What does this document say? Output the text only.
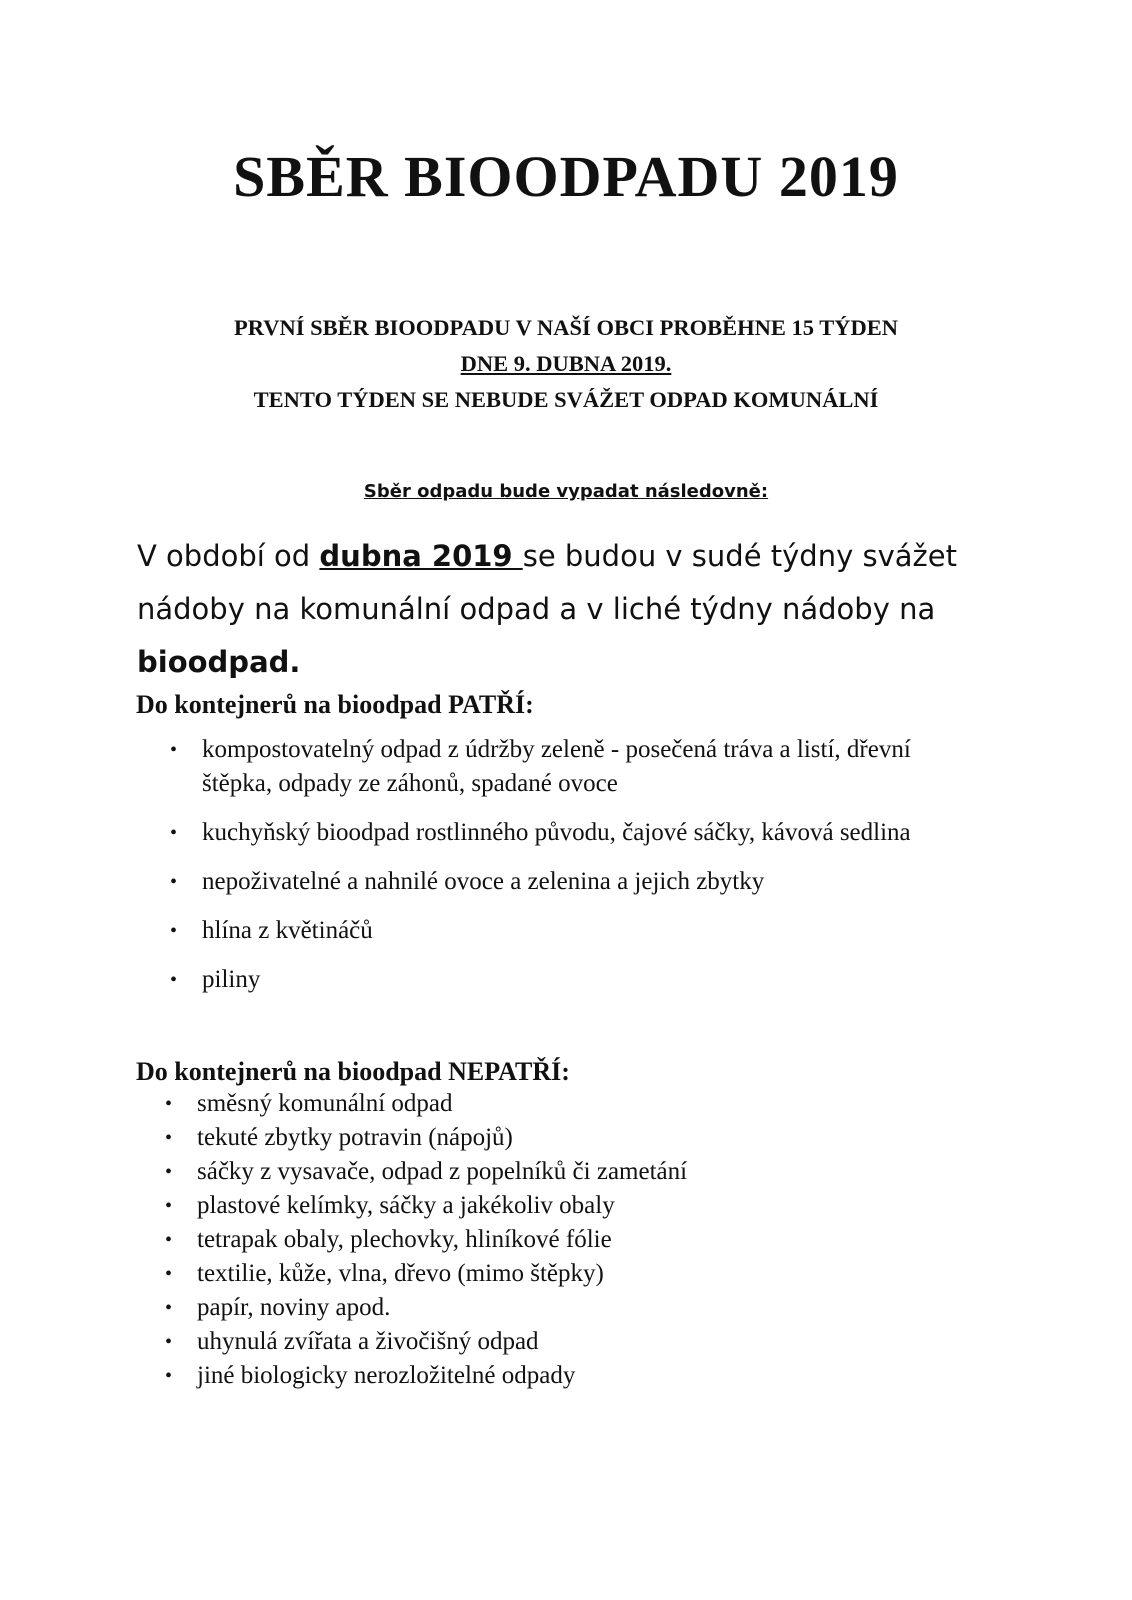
SBĚR BIOODPADU 2019
PRVNÍ SBĚR BIOODPADU V NAŠÍ OBCI PROBĚHNE 15 TÝDEN
DNE 9. DUBNA 2019.
TENTO TÝDEN SE NEBUDE SVÁŽET ODPAD KOMUNÁLNÍ
Sběr odpadu bude vypadat následovně:
V období od dubna 2019 se budou v sudé týdny svážet nádoby na komunální odpad a v liché týdny nádoby na bioodpad.
Do kontejnerů na bioodpad PATŘÍ:
• kompostovatelný odpad z údržby zeleně - posečená tráva a listí, dřevní štěpka, odpady ze záhonů, spadané ovoce
• kuchyňský bioodpad rostlinného původu, čajové sáčky, kávová sedlina
• nepoživatelné a nahnilé ovoce a zelenina a jejich zbytky
• hlína z květináčů
• piliny
Do kontejnerů na bioodpad NEPATŘÍ:
• směsný komunální odpad
• tekuté zbytky potravin (nápojů)
• sáčky z vysavače, odpad z popelníků či zametání
• plastové kelímky, sáčky a jakékoliv obaly
• tetrapak obaly, plechovky, hliníkové fólie
• textilie, kůže, vlna, dřevo (mimo štěpky)
• papír, noviny apod.
• uhynulá zvířata a živočišný odpad
• jiné biologicky nerozložitelné odpady
